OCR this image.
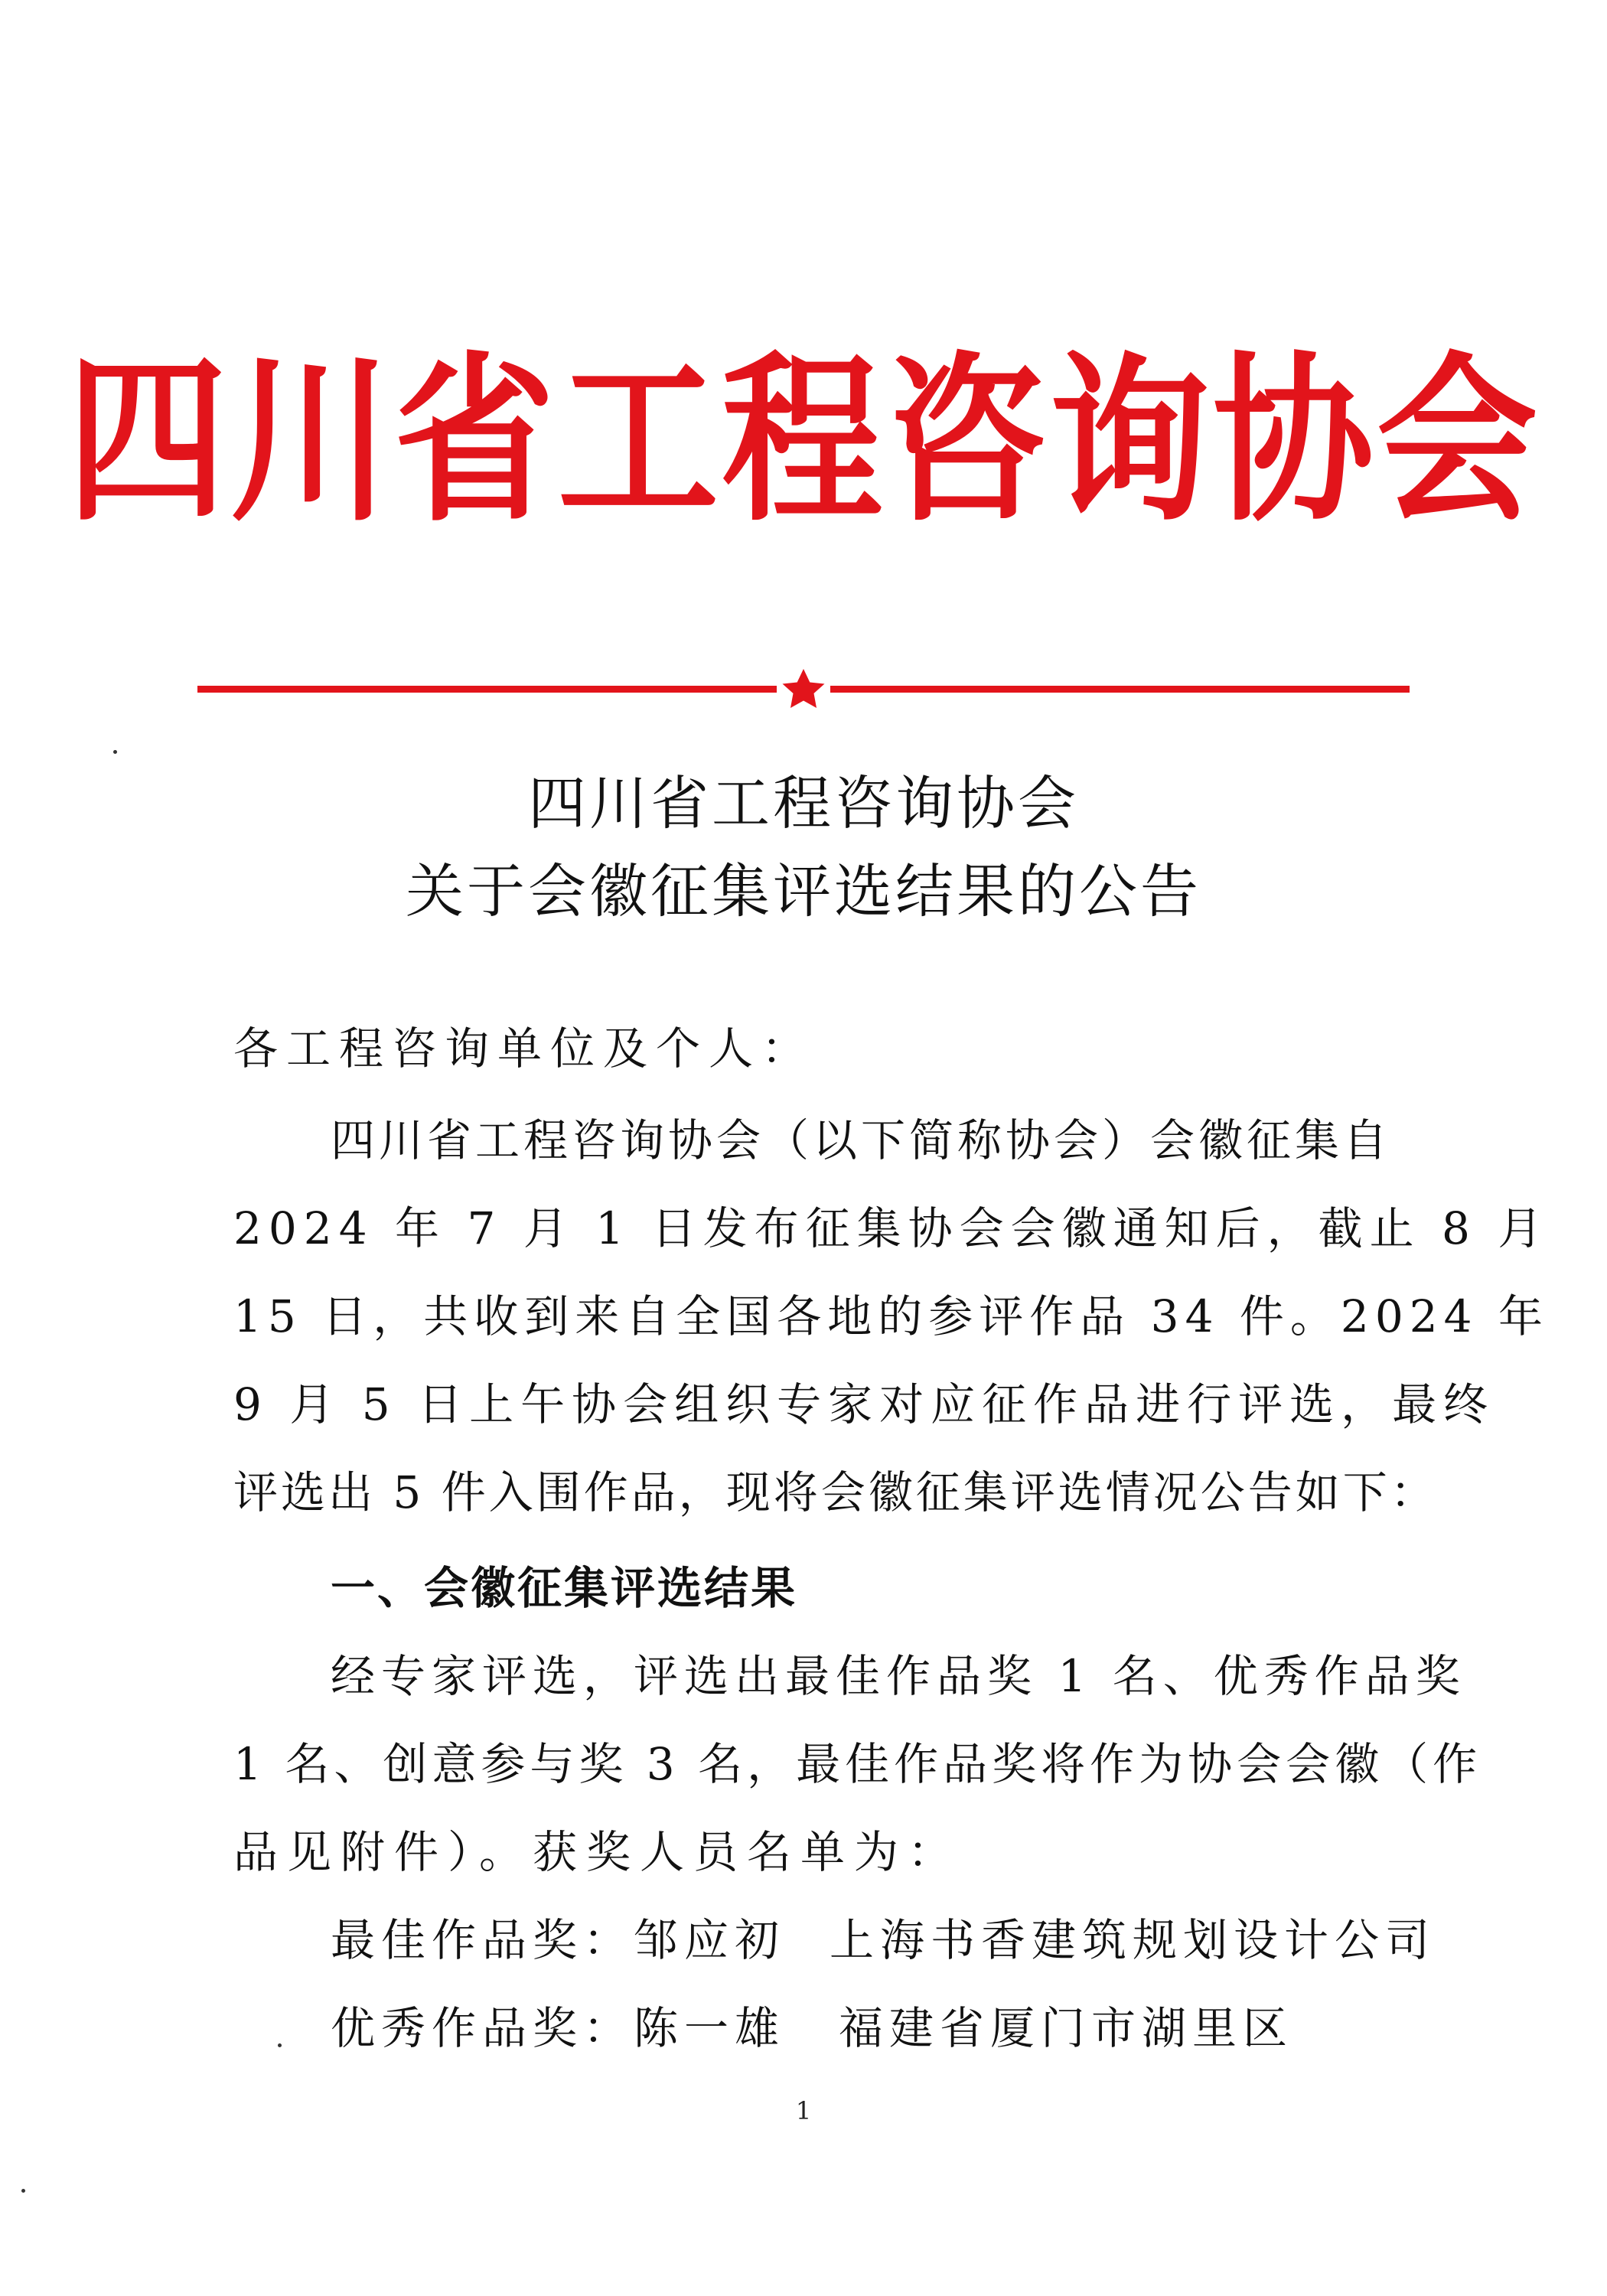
四川省工程咨询协会
四川省工程咨询协会
关于会徽征集评选结果的公告
各工程咨询单位及个人：
四川省工程咨询协会（以下简称协会）会徽征集自
2024 年 7 月 1 日发布征集协会会徽通知后，截止 8 月
15 日，共收到来自全国各地的参评作品 34 件。2024 年
9 月 5 日上午协会组织专家对应征作品进行评选，最终
评选出 5 件入围作品，现将会徽征集评选情况公告如下：
一、会徽征集评选结果
经专家评选，评选出最佳作品奖 1 名、优秀作品奖
1 名、创意参与奖 3 名，最佳作品奖将作为协会会徽（作
品见附件）。获奖人员名单为：
最佳作品奖：邹应初 上海书香建筑规划设计公司
优秀作品奖：陈一雄 福建省厦门市湖里区
1
